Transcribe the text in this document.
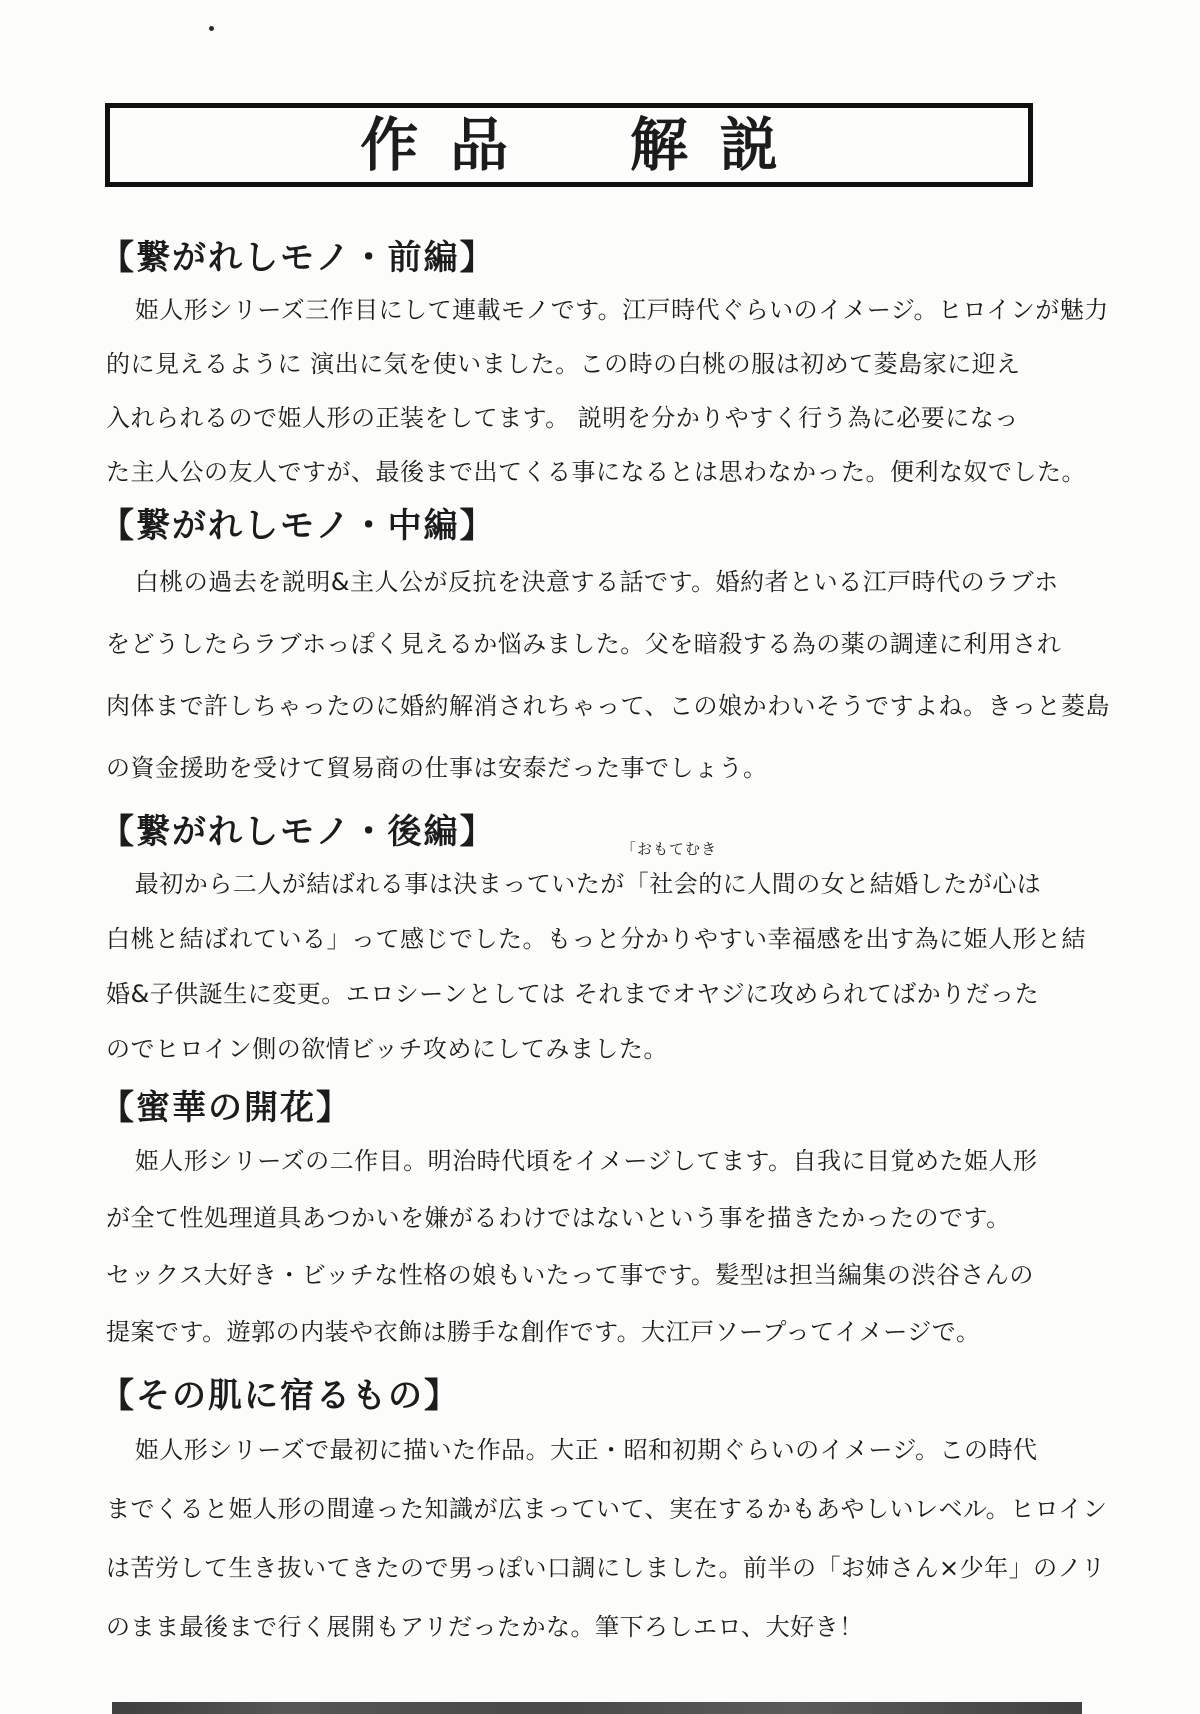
作品　解説
【繋がれしモノ・前編】
姫人形シリーズ三作目にして連載モノです。江戸時代ぐらいのイメージ。ヒロインが魅力
的に見えるように 演出に気を使いました。この時の白桃の服は初めて菱島家に迎え
入れられるので姫人形の正装をしてます。 説明を分かりやすく行う為に必要になっ
た主人公の友人ですが、最後まで出てくる事になるとは思わなかった。便利な奴でした。
【繋がれしモノ・中編】
白桃の過去を説明&主人公が反抗を決意する話です。婚約者といる江戸時代のラブホ
をどうしたらラブホっぽく見えるか悩みました。父を暗殺する為の薬の調達に利用され
肉体まで許しちゃったのに婚約解消されちゃって、この娘かわいそうですよね。きっと菱島
の資金援助を受けて貿易商の仕事は安泰だった事でしょう。
【繋がれしモノ・後編】	「おもてむき
最初から二人が結ばれる事は決まっていたが「社会的に人間の女と結婚したが心は
白桃と結ばれている」って感じでした。もっと分かりやすい幸福感を出す為に姫人形と結
婚&子供誕生に変更。エロシーンとしては それまでオヤジに攻められてばかりだった
のでヒロイン側の欲情ビッチ攻めにしてみました。
【蜜華の開花】
姫人形シリーズの二作目。明治時代頃をイメージしてます。自我に目覚めた姫人形
が全て性処理道具あつかいを嫌がるわけではないという事を描きたかったのです。
セックス大好き・ビッチな性格の娘もいたって事です。髪型は担当編集の渋谷さんの
提案です。遊郭の内装や衣飾は勝手な創作です。大江戸ソープってイメージで。
【その肌に宿るもの】
姫人形シリーズで最初に描いた作品。大正・昭和初期ぐらいのイメージ。この時代
までくると姫人形の間違った知識が広まっていて、実在するかもあやしいレベル。ヒロイン
は苦労して生き抜いてきたので男っぽい口調にしました。前半の「お姉さん×少年」のノリ
のまま最後まで行く展開もアリだったかな。筆下ろしエロ、大好き！
